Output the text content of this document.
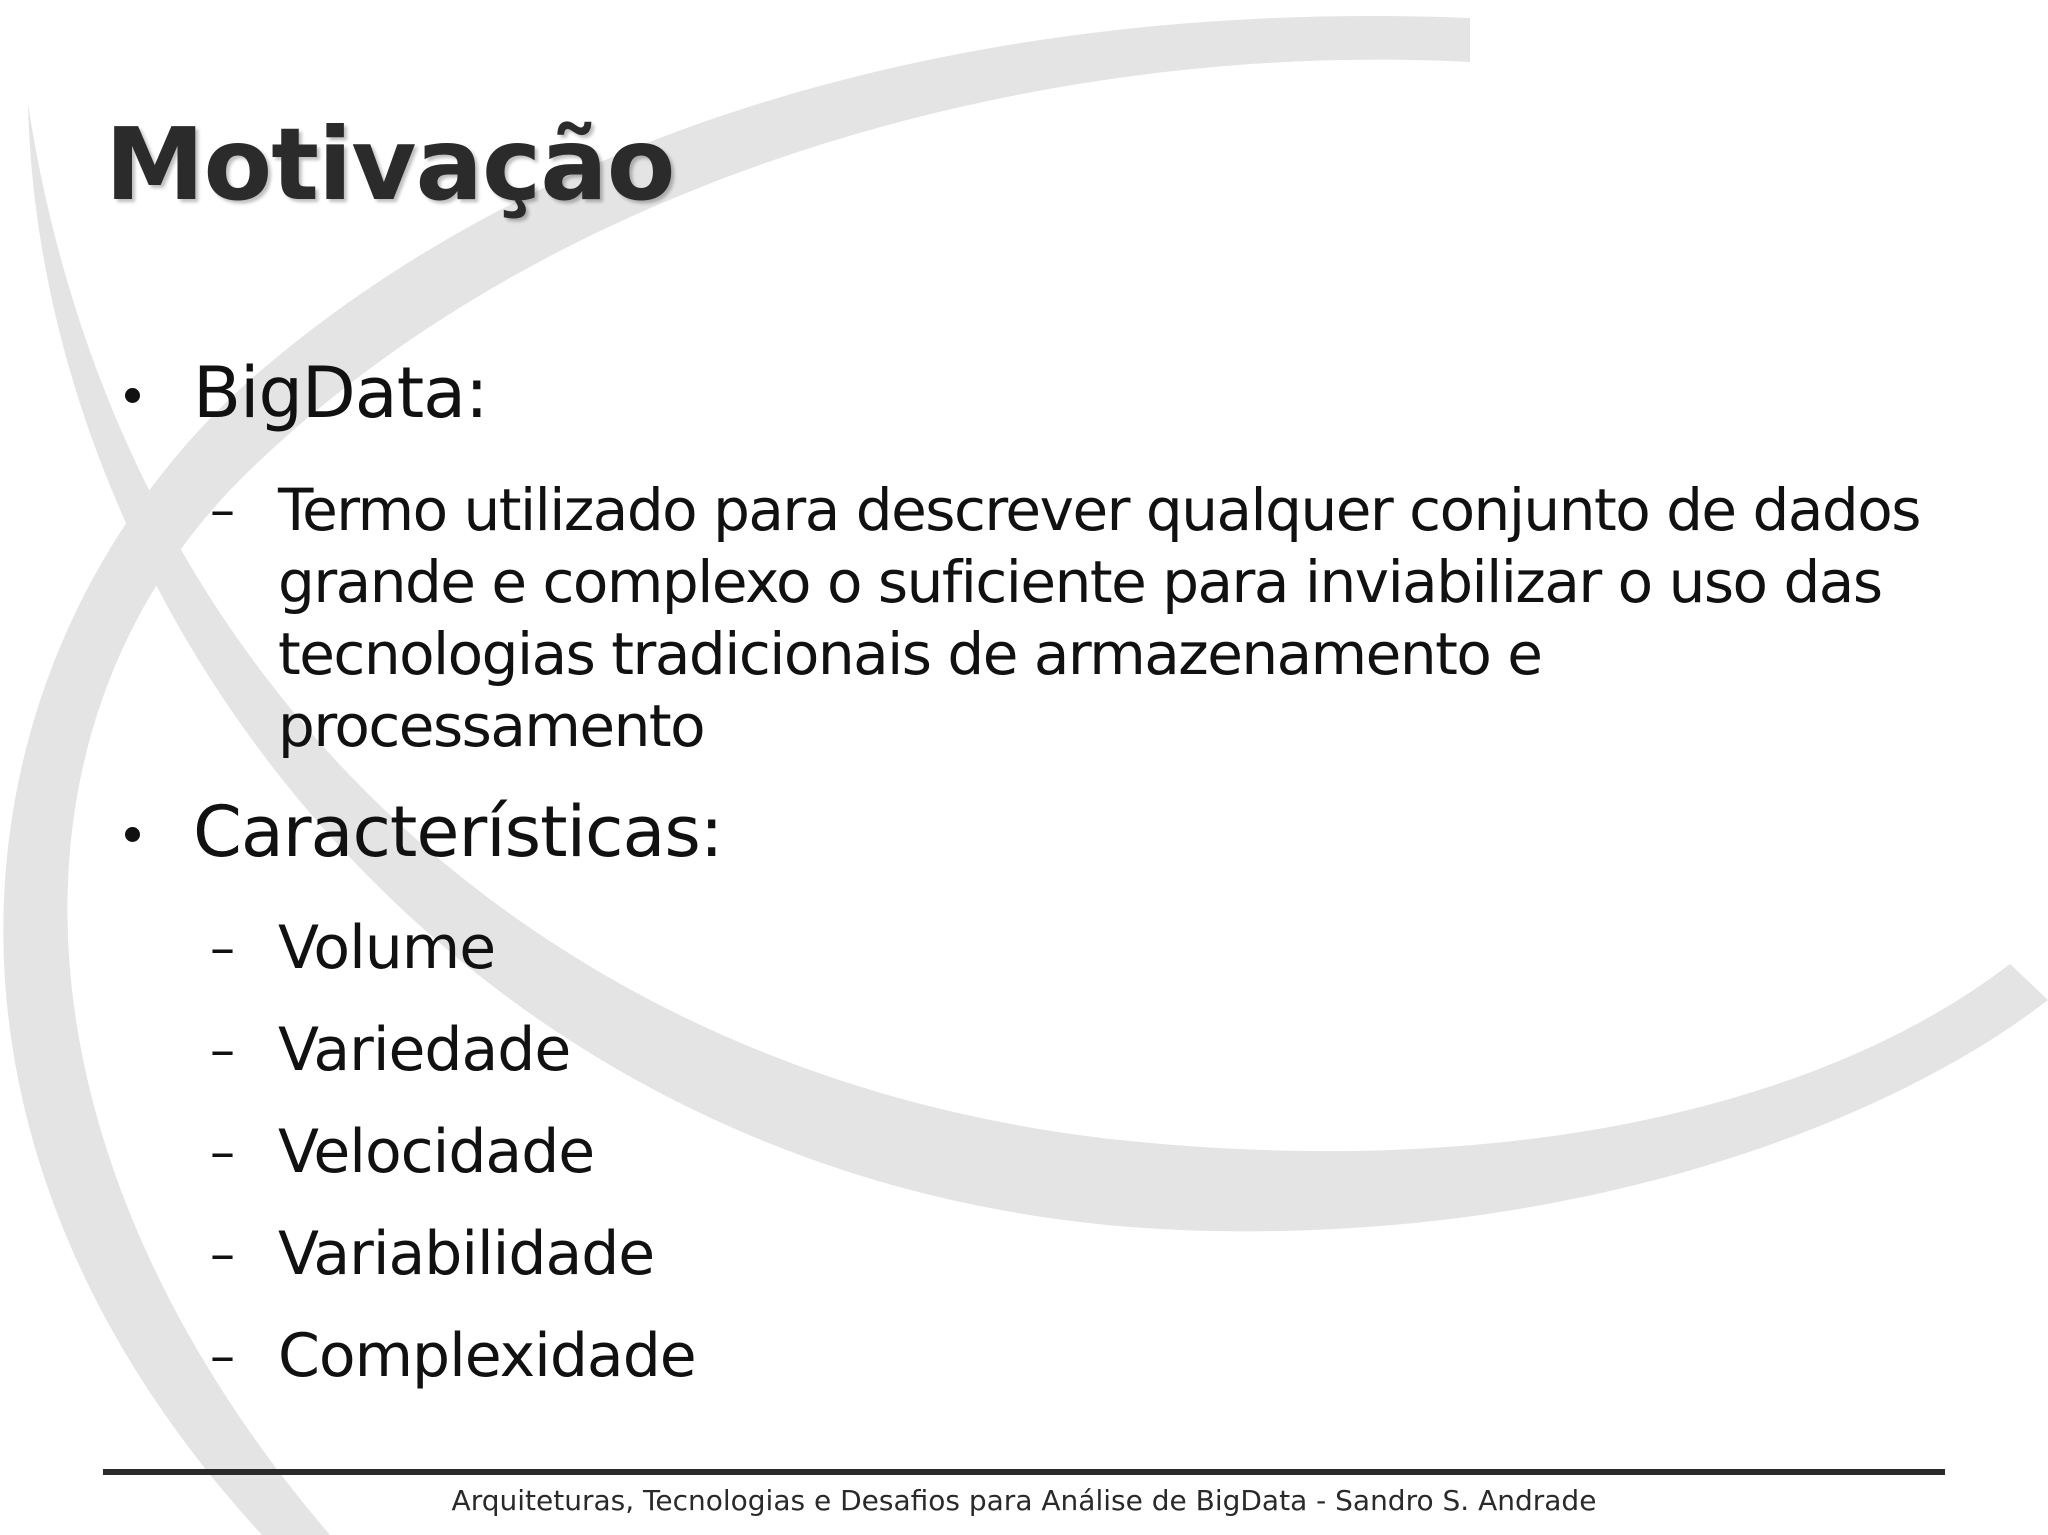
Motivação
BigData:
– Termo utilizado para descrever qualquer conjunto de dados grande e complexo o suficiente para inviabilizar o uso das tecnologias tradicionais de armazenamento e processamento
Características:
– Volume
– Variedade
– Velocidade
– Variabilidade
– Complexidade
Arquiteturas, Tecnologias e Desafios para Análise de BigData - Sandro S. Andrade
